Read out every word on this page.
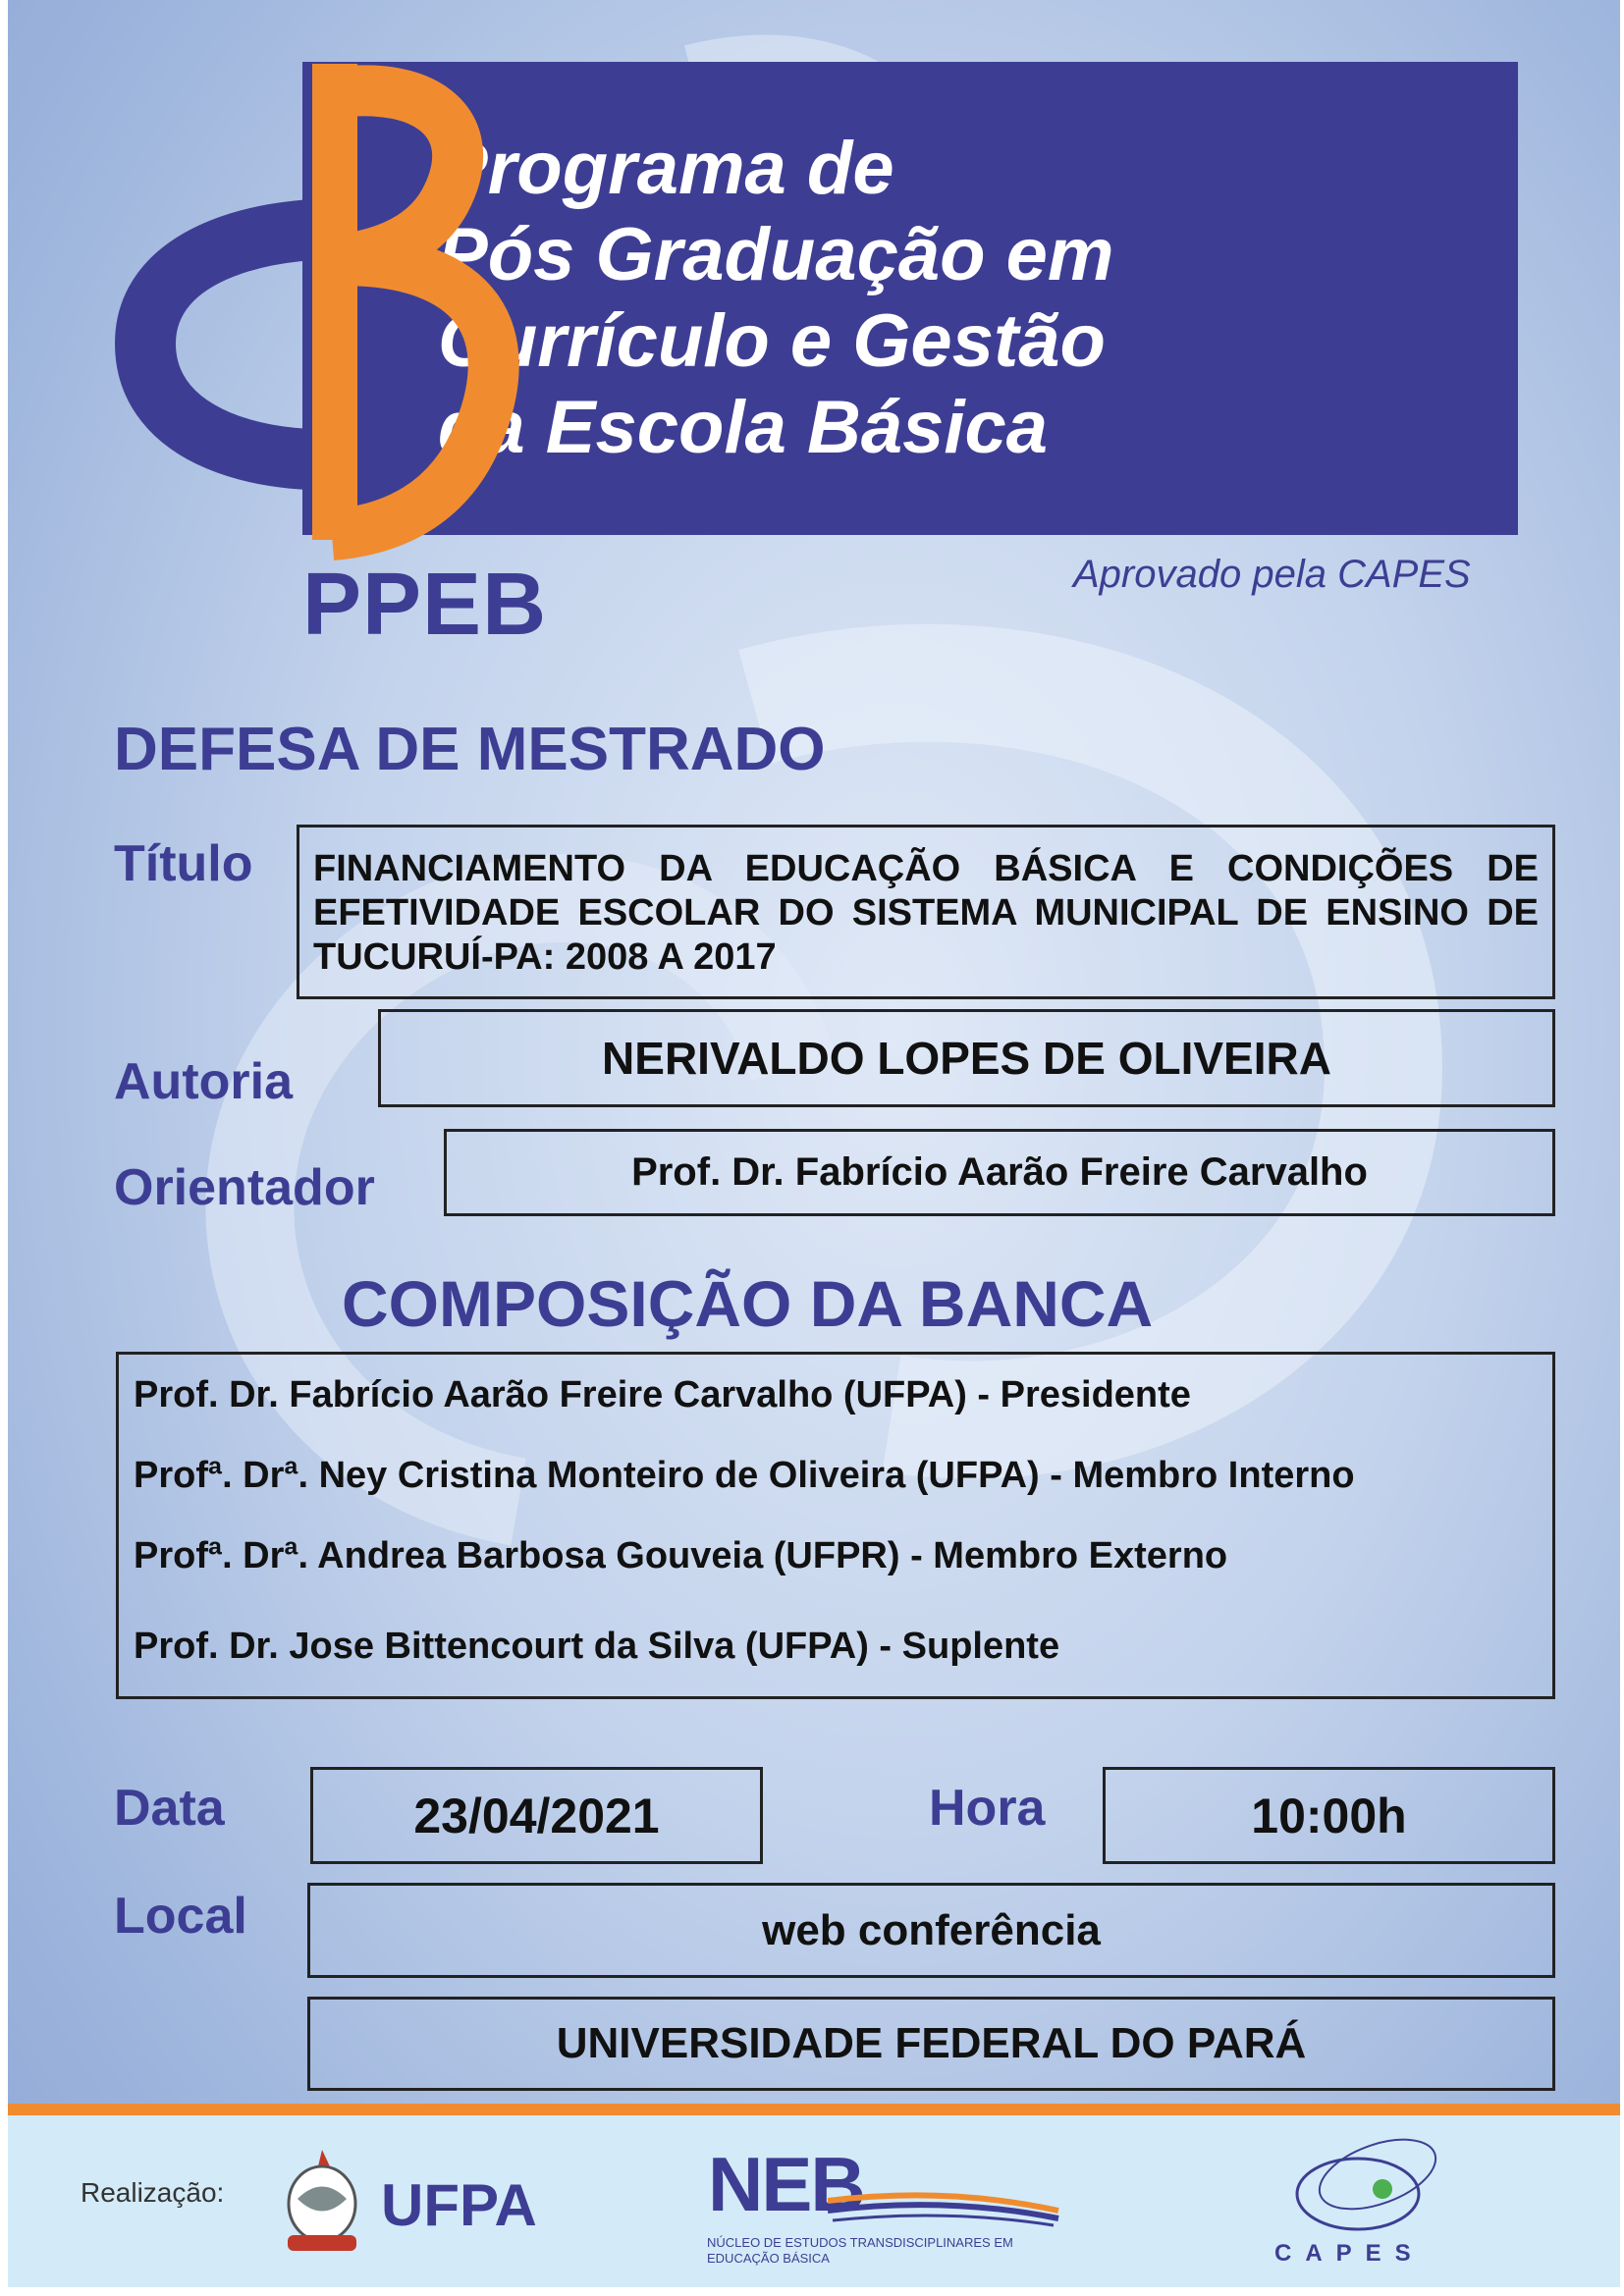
Programa de
Pós Graduação em
Currículo e Gestão
da Escola Básica
PPEB	Aprovado pela CAPES
DEFESA DE MESTRADO
Título	FINANCIAMENTO DA EDUCAÇÃO BÁSICA E CONDIÇÕES DE EFETIVIDADE ESCOLAR DO SISTEMA MUNICIPAL DE ENSINO DE TUCURUÍ-PA: 2008 A 2017
Autoria	NERIVALDO LOPES DE OLIVEIRA
Orientador	Prof. Dr. Fabrício Aarão Freire Carvalho
COMPOSIÇÃO DA BANCA
Prof. Dr. Fabrício Aarão Freire Carvalho (UFPA) - Presidente
Profª. Drª. Ney Cristina Monteiro de Oliveira (UFPA) - Membro Interno
Profª. Drª. Andrea Barbosa Gouveia (UFPR) - Membro Externo
Prof. Dr. Jose Bittencourt da Silva (UFPA) - Suplente
Data	23/04/2021	Hora	10:00h
Local	web conferência
UNIVERSIDADE FEDERAL DO PARÁ
Realização:	UFPA NEB
NÚCLEO DE ESTUDOS TRANSDISCIPLINARES EM
EDUCAÇÃO BÁSICA	CAPES
